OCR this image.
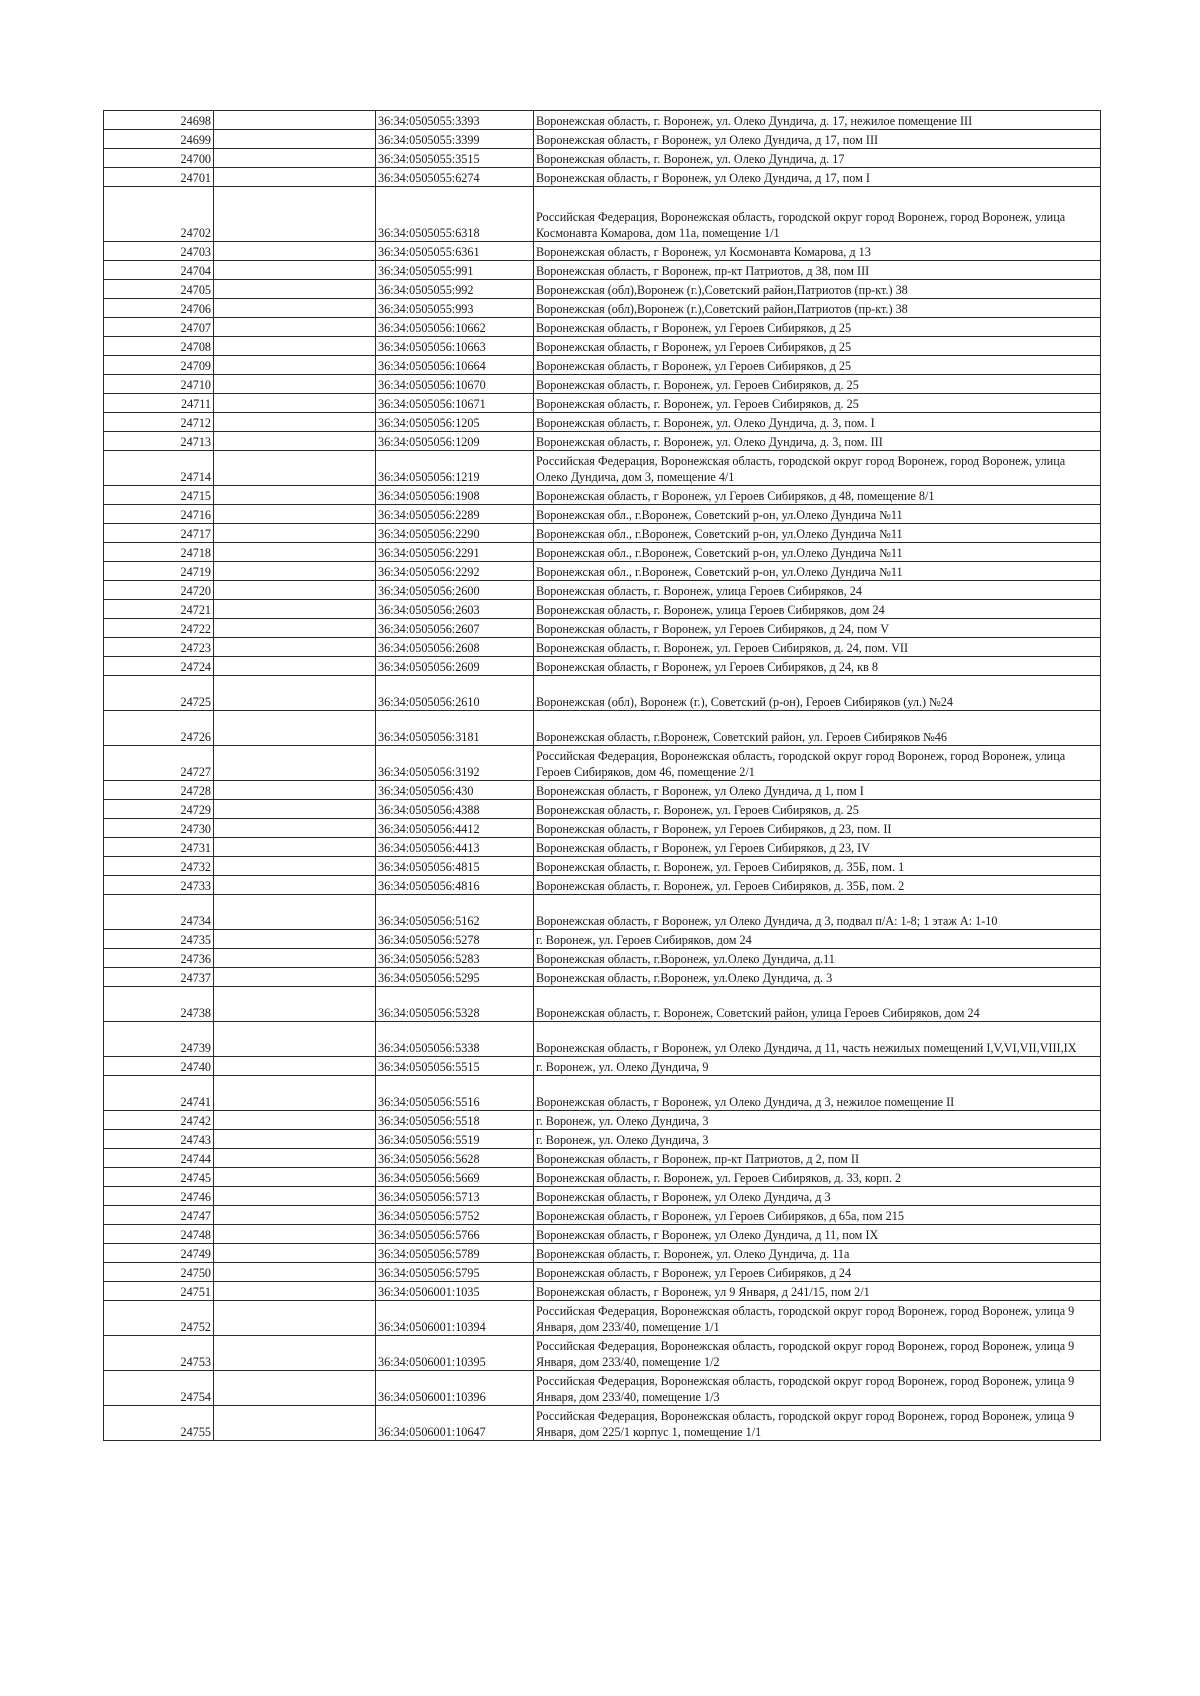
24698		36:34:0505055:3393	Воронежская область, г. Воронеж, ул. Олеко Дундича, д. 17, нежилое помещение III
24699		36:34:0505055:3399	Воронежская область, г Воронеж, ул Олеко Дундича, д 17, пом III
24700		36:34:0505055:3515	Воронежская область, г. Воронеж, ул. Олеко Дундича, д. 17
24701		36:34:0505055:6274	Воронежская область, г Воронеж, ул Олеко Дундича, д 17, пом I
24702		36:34:0505055:6318	Российская Федерация, Воронежская область, городской округ город Воронеж, город Воронеж, улица Космонавта Комарова, дом 11а, помещение 1/1
24703		36:34:0505055:6361	Воронежская область, г Воронеж, ул Космонавта Комарова, д 13
24704		36:34:0505055:991	Воронежская область, г Воронеж, пр-кт Патриотов, д 38, пом III
24705		36:34:0505055:992	Воронежская (обл),Воронеж (г.),Советский район,Патриотов (пр-кт.) 38
24706		36:34:0505055:993	Воронежская (обл),Воронеж (г.),Советский район,Патриотов (пр-кт.) 38
24707		36:34:0505056:10662	Воронежская область, г Воронеж, ул Героев Сибиряков, д 25
24708		36:34:0505056:10663	Воронежская область, г Воронеж, ул Героев Сибиряков, д 25
24709		36:34:0505056:10664	Воронежская область, г Воронеж, ул Героев Сибиряков, д 25
24710		36:34:0505056:10670	Воронежская область, г. Воронеж, ул. Героев Сибиряков, д. 25
24711		36:34:0505056:10671	Воронежская область, г. Воронеж, ул. Героев Сибиряков, д. 25
24712		36:34:0505056:1205	Воронежская область, г. Воронеж, ул. Олеко Дундича, д. 3, пом. I
24713		36:34:0505056:1209	Воронежская область, г. Воронеж, ул. Олеко Дундича, д. 3, пом. III
24714		36:34:0505056:1219	Российская Федерация, Воронежская область, городской округ город Воронеж, город Воронеж, улица Олеко Дундича, дом 3, помещение 4/1
24715		36:34:0505056:1908	Воронежская область, г Воронеж, ул Героев Сибиряков, д 48, помещение 8/1
24716		36:34:0505056:2289	Воронежская обл., г.Воронеж, Советский р-он, ул.Олеко Дундича №11
24717		36:34:0505056:2290	Воронежская обл., г.Воронеж, Советский р-он, ул.Олеко Дундича №11
24718		36:34:0505056:2291	Воронежская обл., г.Воронеж, Советский р-он, ул.Олеко Дундича №11
24719		36:34:0505056:2292	Воронежская обл., г.Воронеж, Советский р-он, ул.Олеко Дундича №11
24720		36:34:0505056:2600	Воронежская область, г. Воронеж, улица Героев Сибиряков, 24
24721		36:34:0505056:2603	Воронежская область, г. Воронеж, улица Героев Сибиряков, дом 24
24722		36:34:0505056:2607	Воронежская область, г Воронеж, ул Героев Сибиряков, д 24, пом V
24723		36:34:0505056:2608	Воронежская область, г. Воронеж, ул. Героев Сибиряков, д. 24, пом. VII
24724		36:34:0505056:2609	Воронежская область, г Воронеж, ул Героев Сибиряков, д 24, кв 8
24725		36:34:0505056:2610	Воронежская (обл), Воронеж (г.), Советский (р-он), Героев Сибиряков (ул.) №24
24726		36:34:0505056:3181	Воронежская область, г.Воронеж, Советский район, ул. Героев Сибиряков №46
24727		36:34:0505056:3192	Российская Федерация, Воронежская область, городской округ город Воронеж, город Воронеж, улица Героев Сибиряков, дом 46, помещение 2/1
24728		36:34:0505056:430	Воронежская область, г Воронеж, ул Олеко Дундича, д 1, пом I
24729		36:34:0505056:4388	Воронежская область, г. Воронеж, ул. Героев Сибиряков, д. 25
24730		36:34:0505056:4412	Воронежская область, г Воронеж, ул Героев Сибиряков, д 23, пом. II
24731		36:34:0505056:4413	Воронежская область, г Воронеж, ул Героев Сибиряков, д 23, IV
24732		36:34:0505056:4815	Воронежская область, г. Воронеж, ул. Героев Сибиряков, д. 35Б, пом. 1
24733		36:34:0505056:4816	Воронежская область, г. Воронеж, ул. Героев Сибиряков, д. 35Б, пом. 2
24734		36:34:0505056:5162	Воронежская область, г Воронеж, ул Олеко Дундича, д 3, подвал п/А: 1-8; 1 этаж А: 1-10
24735		36:34:0505056:5278	г. Воронеж, ул. Героев Сибиряков, дом 24
24736		36:34:0505056:5283	Воронежская область, г.Воронеж, ул.Олеко Дундича, д.11
24737		36:34:0505056:5295	Воронежская область, г.Воронеж, ул.Олеко Дундича, д. 3
24738		36:34:0505056:5328	Воронежская область, г. Воронеж, Советский район, улица Героев Сибиряков, дом 24
24739		36:34:0505056:5338	Воронежская область, г Воронеж, ул Олеко Дундича, д 11, часть нежилых помещений I,V,VI,VII,VIII,IX
24740		36:34:0505056:5515	г. Воронеж, ул. Олеко Дундича, 9
24741		36:34:0505056:5516	Воронежская область, г Воронеж, ул Олеко Дундича, д 3, нежилое помещение II
24742		36:34:0505056:5518	г. Воронеж, ул. Олеко Дундича, 3
24743		36:34:0505056:5519	г. Воронеж, ул. Олеко Дундича, 3
24744		36:34:0505056:5628	Воронежская область, г Воронеж, пр-кт Патриотов, д 2, пом II
24745		36:34:0505056:5669	Воронежская область, г. Воронеж, ул. Героев Сибиряков, д. 33, корп. 2
24746		36:34:0505056:5713	Воронежская область, г Воронеж, ул Олеко Дундича, д 3
24747		36:34:0505056:5752	Воронежская область, г Воронеж, ул Героев Сибиряков, д 65а, пом 215
24748		36:34:0505056:5766	Воронежская область, г Воронеж, ул Олеко Дундича, д 11, пом IX
24749		36:34:0505056:5789	Воронежская область, г. Воронеж, ул. Олеко Дундича, д. 11а
24750		36:34:0505056:5795	Воронежская область, г Воронеж, ул Героев Сибиряков, д 24
24751		36:34:0506001:1035	Воронежская область, г Воронеж, ул 9 Января, д 241/15, пом 2/1
24752		36:34:0506001:10394	Российская Федерация, Воронежская область, городской округ город Воронеж, город Воронеж, улица 9 Января, дом 233/40, помещение 1/1
24753		36:34:0506001:10395	Российская Федерация, Воронежская область, городской округ город Воронеж, город Воронеж, улица 9 Января, дом 233/40, помещение 1/2
24754		36:34:0506001:10396	Российская Федерация, Воронежская область, городской округ город Воронеж, город Воронеж, улица 9 Января, дом 233/40, помещение 1/3
24755		36:34:0506001:10647	Российская Федерация, Воронежская область, городской округ город Воронеж, город Воронеж, улица 9 Января, дом 225/1 корпус 1, помещение 1/1
